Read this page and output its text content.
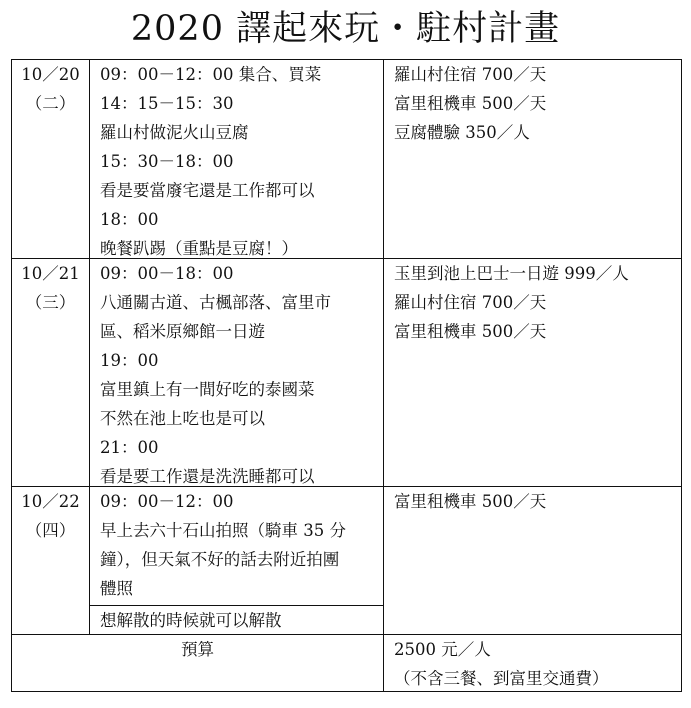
2020 譯起來玩・駐村計畫
10／20
（二）
09：00－12：00 集合、買菜
14：15－15：30
羅山村做泥火山豆腐
15：30－18：00
看是要當廢宅還是工作都可以
18：00
晚餐趴踢（重點是豆腐！）
羅山村住宿 700／天
富里租機車 500／天
豆腐體驗 350／人
10／21
（三）
09：00－18：00
八通關古道、古楓部落、富里市
區、稻米原鄉館一日遊
19：00
富里鎮上有一間好吃的泰國菜
不然在池上吃也是可以
21：00
看是要工作還是洗洗睡都可以
玉里到池上巴士一日遊 999／人
羅山村住宿 700／天
富里租機車 500／天
10／22
（四）
09：00－12：00
早上去六十石山拍照（騎車 35 分
鐘），但天氣不好的話去附近拍團
體照
想解散的時候就可以解散
富里租機車 500／天
預算	2500 元／人
（不含三餐、到富里交通費）
